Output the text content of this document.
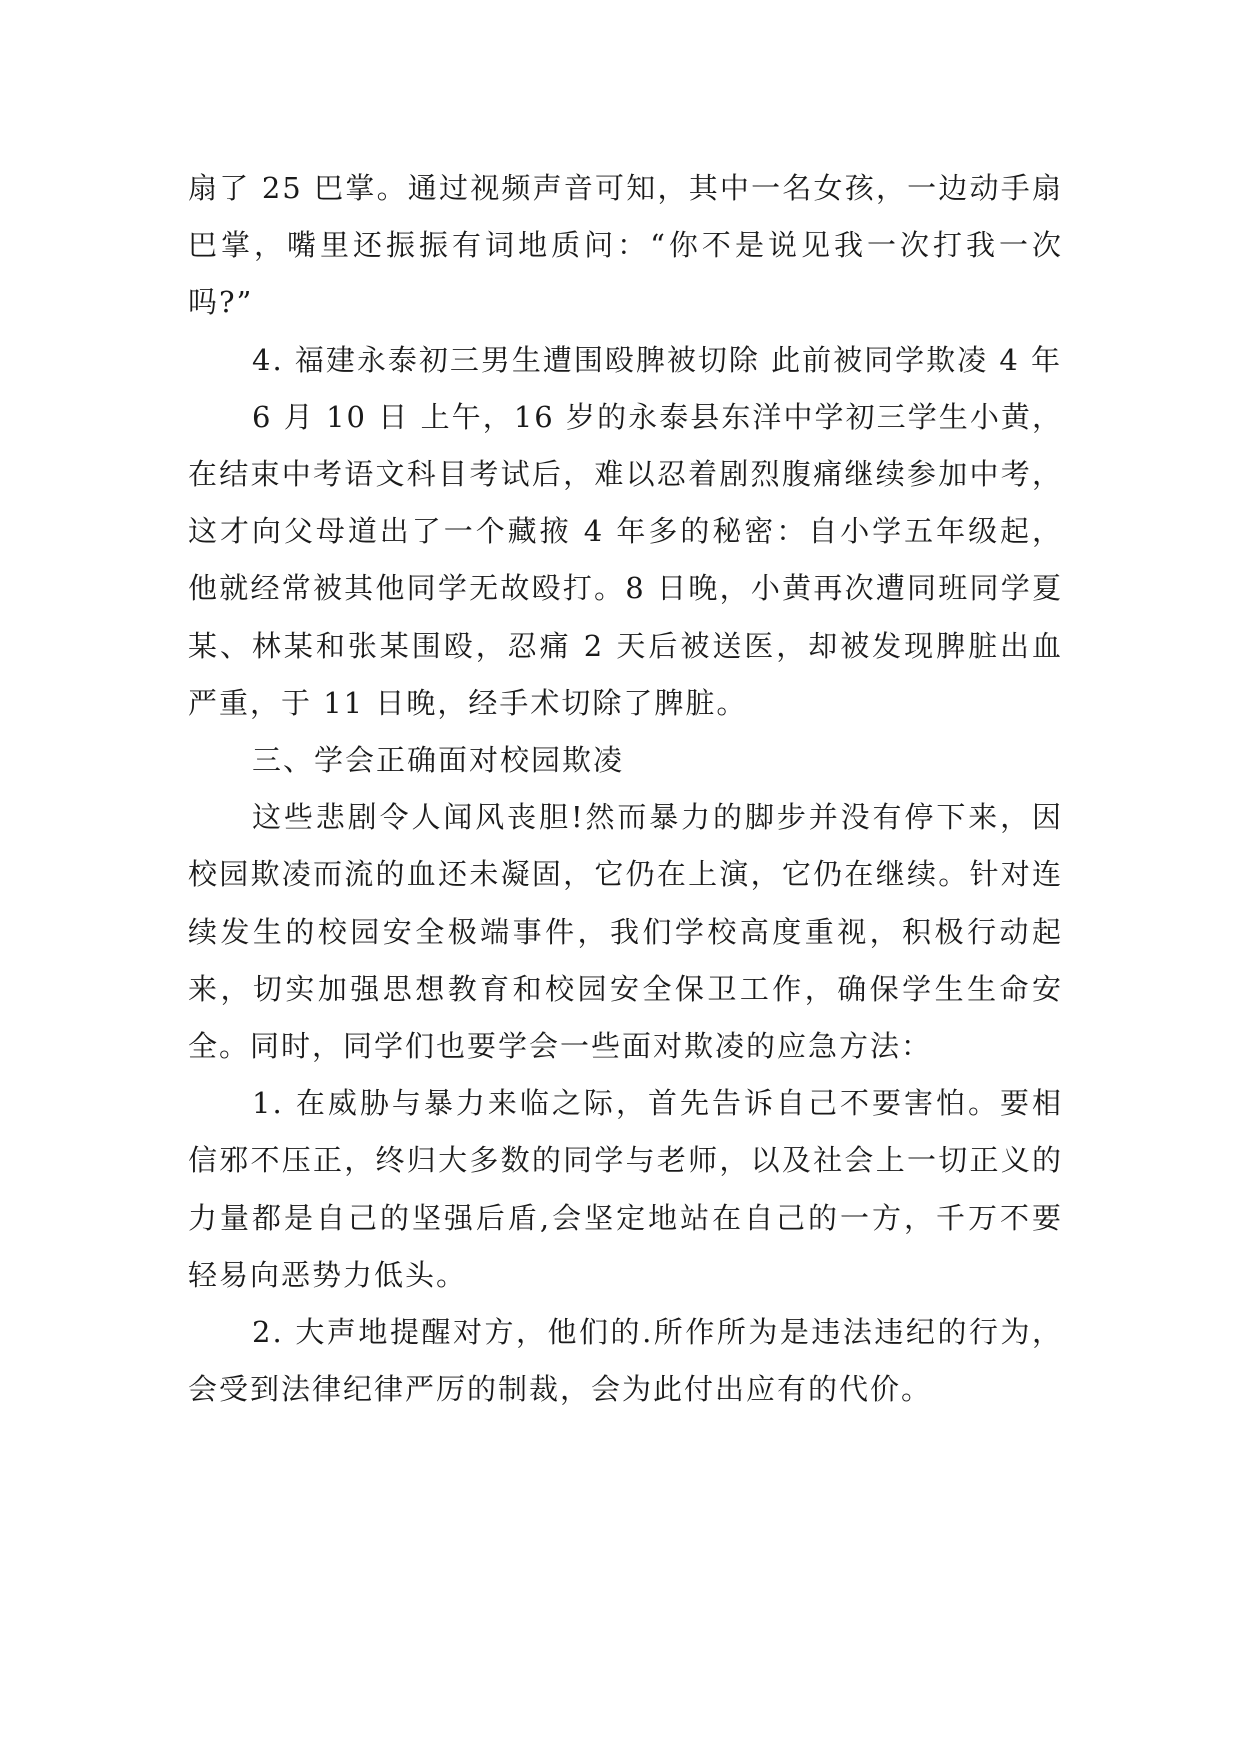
扇了 25 巴掌。通过视频声音可知，其中一名女孩，一边动手扇巴掌，嘴里还振振有词地质问：“你不是说见我一次打我一次吗?”

4. 福建永泰初三男生遭围殴脾被切除 此前被同学欺凌 4 年

6 月 10 日 上午，16 岁的永泰县东洋中学初三学生小黄，在结束中考语文科目考试后，难以忍着剧烈腹痛继续参加中考，这才向父母道出了一个藏掖 4 年多的秘密：自小学五年级起，他就经常被其他同学无故殴打。8 日晚，小黄再次遭同班同学夏某、林某和张某围殴，忍痛 2 天后被送医，却被发现脾脏出血严重，于 11 日晚，经手术切除了脾脏。

三、学会正确面对校园欺凌

这些悲剧令人闻风丧胆!然而暴力的脚步并没有停下来，因校园欺凌而流的血还未凝固，它仍在上演，它仍在继续。针对连续发生的校园安全极端事件，我们学校高度重视，积极行动起来，切实加强思想教育和校园安全保卫工作，确保学生生命安全。同时，同学们也要学会一些面对欺凌的应急方法：

1. 在威胁与暴力来临之际，首先告诉自己不要害怕。要相信邪不压正，终归大多数的同学与老师，以及社会上一切正义的力量都是自己的坚强后盾,会坚定地站在自己的一方，千万不要轻易向恶势力低头。

2. 大声地提醒对方，他们的.所作所为是违法违纪的行为，会受到法律纪律严厉的制裁，会为此付出应有的代价。
